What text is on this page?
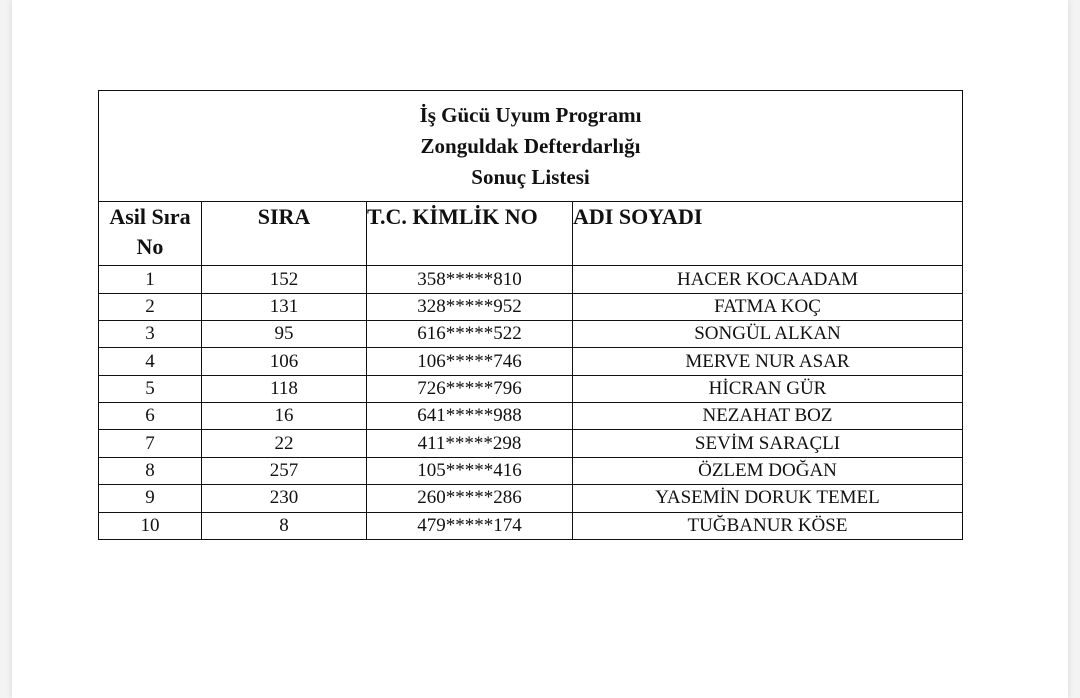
İş Gücü Uyum Programı
Zonguldak Defterdarlığı
Sonuç Listesi			

Asil Sıra
No	SIRA	T.C. KİMLİK NO	ADI SOYADI
1	152	358*****810	HACER KOCAADAM
2	131	328*****952	FATMA KOÇ
3	95	616*****522	SONGÜL ALKAN
4	106	106*****746	MERVE NUR ASAR
5	118	726*****796	HİCRAN GÜR
6	16	641*****988	NEZAHAT BOZ
7	22	411*****298	SEVİM SARAÇLI
8	257	105*****416	ÖZLEM DOĞAN
9	230	260*****286	YASEMİN DORUK TEMEL
10	8	479*****174	TUĞBANUR KÖSE
